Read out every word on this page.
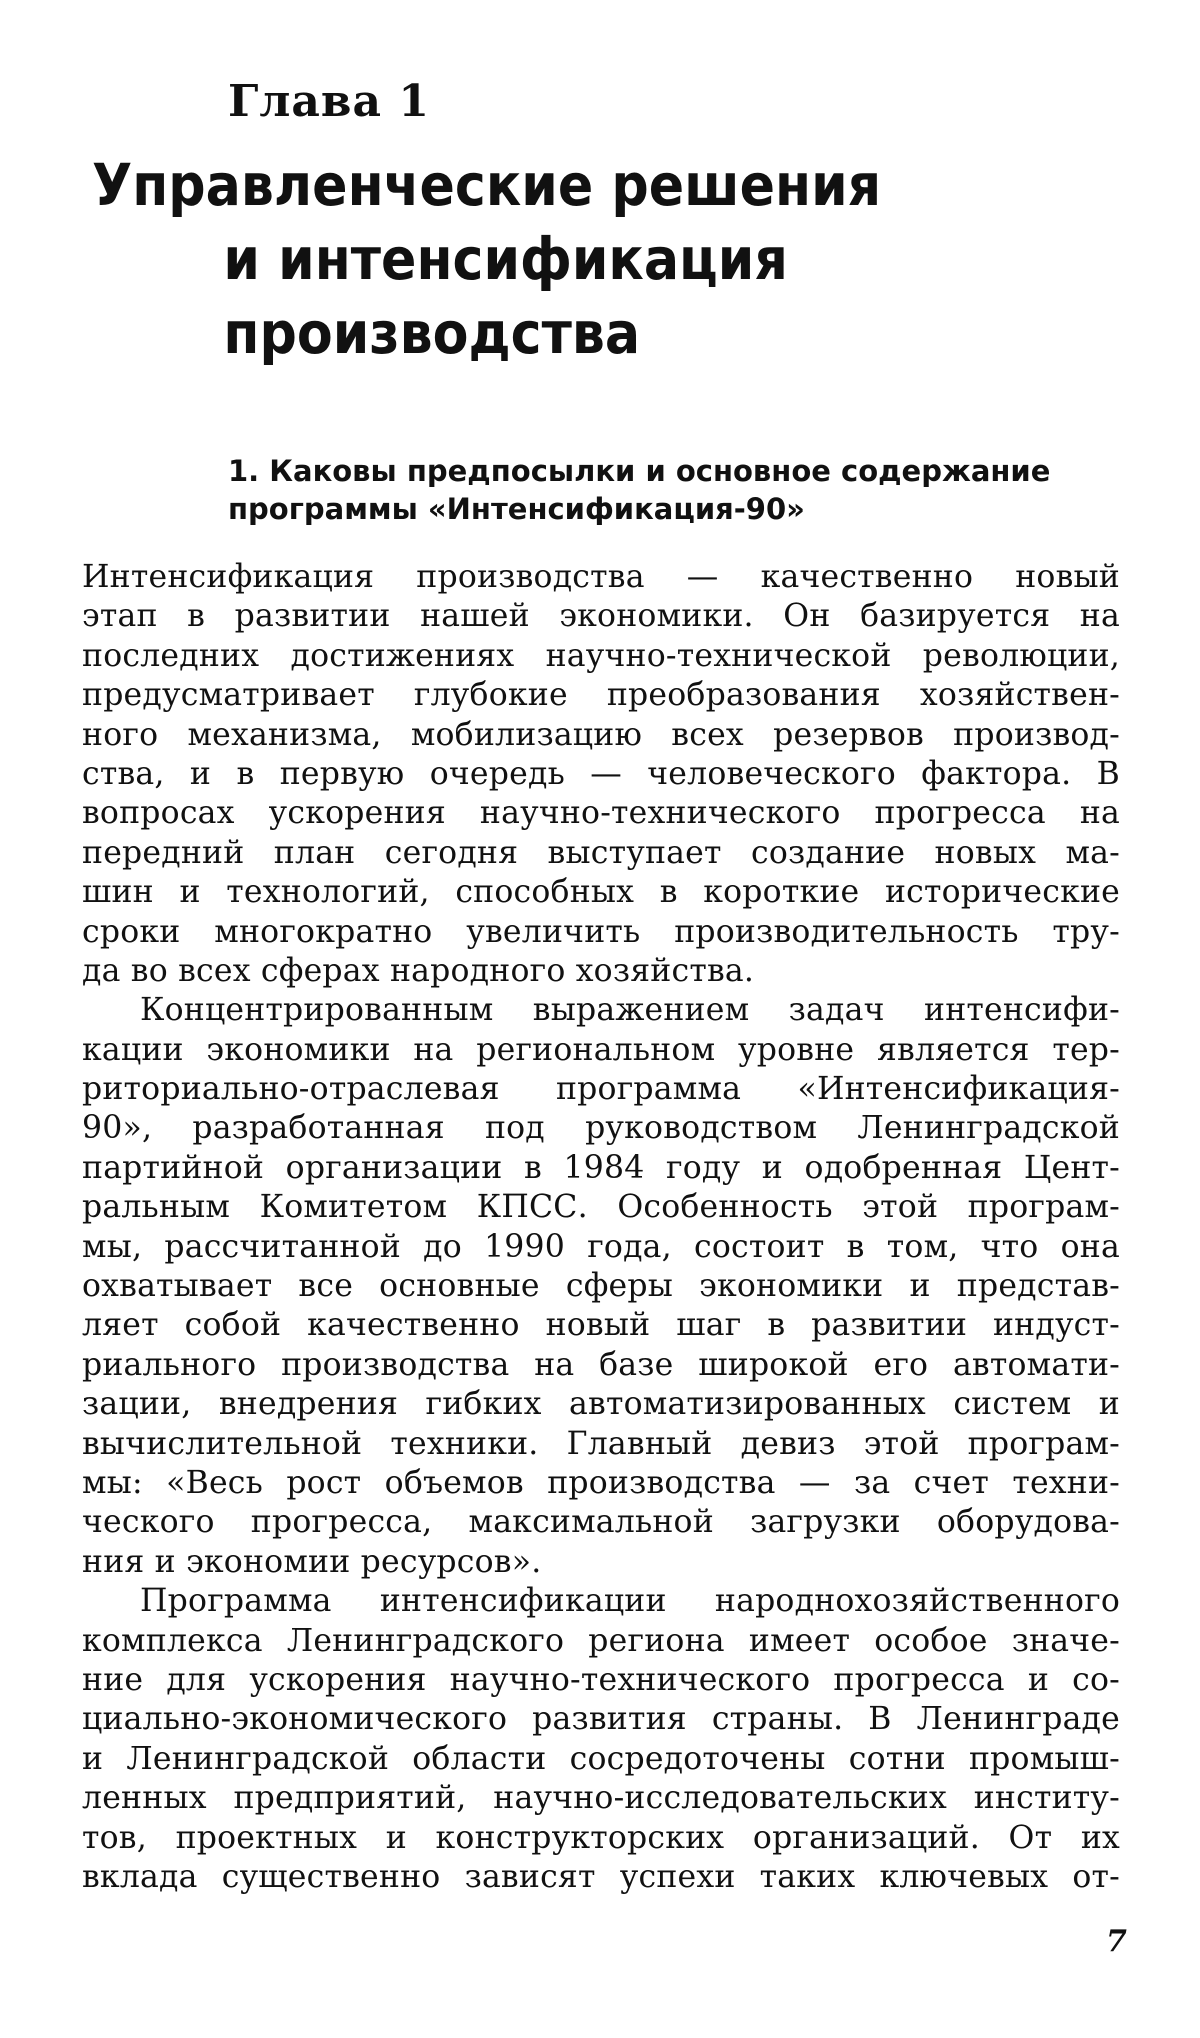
Глава 1

Управленческие решения
и интенсификация
производства
1. Каковы предпосылки и основное содержание
программы «Интенсификация-90»
Интенсификация производства — качественно новый
этап в развитии нашей экономики. Он базируется на
последних достижениях научно-технической революции,
предусматривает глубокие преобразования хозяйствен-
ного механизма, мобилизацию всех резервов производ-
ства, и в первую очередь — человеческого фактора. В
вопросах ускорения научно-технического прогресса на
передний план сегодня выступает создание новых ма-
шин и технологий, способных в короткие исторические
сроки многократно увеличить производительность тру-
да во всех сферах народного хозяйства.
Концентрированным выражением задач интенсифи-
кации экономики на региональном уровне является тер-
риториально-отраслевая программа «Интенсификация-
90», разработанная под руководством Ленинградской
партийной организации в 1984 году и одобренная Цент-
ральным Комитетом КПСС. Особенность этой програм-
мы, рассчитанной до 1990 года, состоит в том, что она
охватывает все основные сферы экономики и представ-
ляет собой качественно новый шаг в развитии индуст-
риального производства на базе широкой его автомати-
зации, внедрения гибких автоматизированных систем и
вычислительной техники. Главный девиз этой програм-
мы: «Весь рост объемов производства — за счет техни-
ческого прогресса, максимальной загрузки оборудова-
ния и экономии ресурсов».
Программа интенсификации народнохозяйственного
комплекса Ленинградского региона имеет особое значе-
ние для ускорения научно-технического прогресса и со-
циально-экономического развития страны. В Ленинграде
и Ленинградской области сосредоточены сотни промыш-
ленных предприятий, научно-исследовательских институ-
тов, проектных и конструкторских организаций. От их
вклада существенно зависят успехи таких ключевых от-

7
